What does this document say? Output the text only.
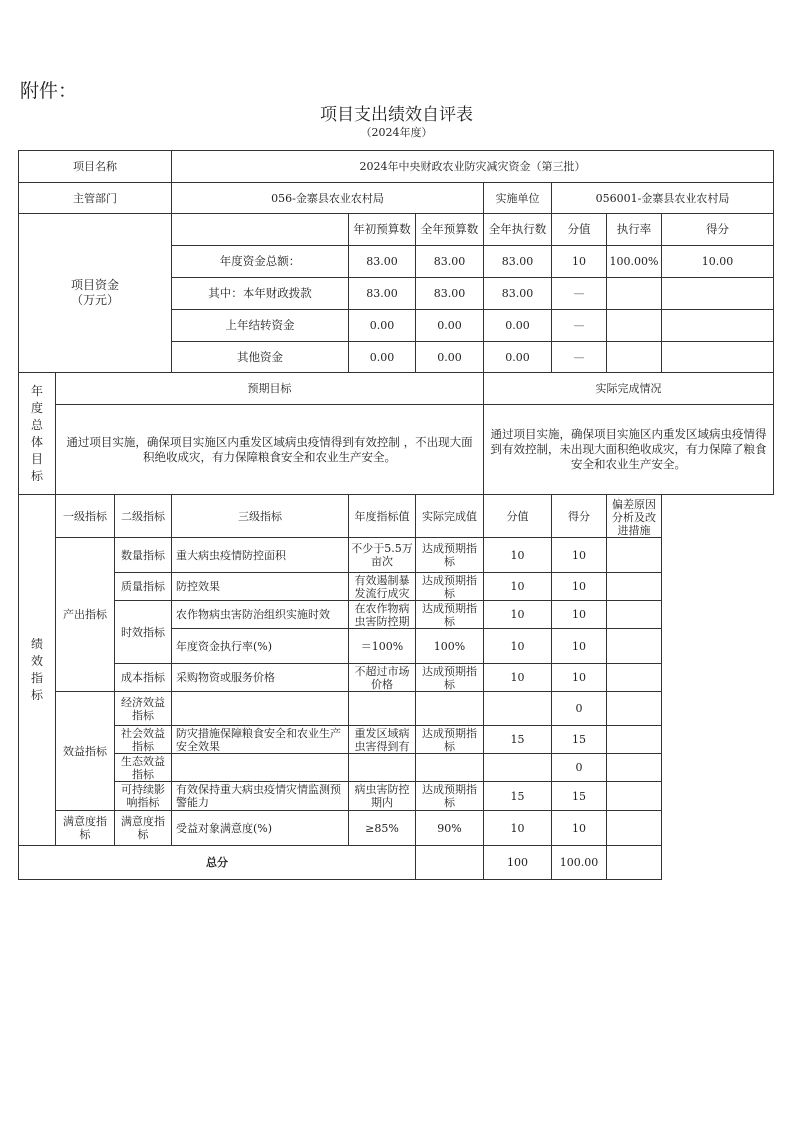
附件：
项目支出绩效自评表
（2024年度）
项目名称			2024年中央财政农业防灾减灾资金（第三批）						
主管部门			056-金寨县农业农村局			实施单位	056001-金寨县农业农村局		
项目资金
（万元）				年初预算数	全年预算数	全年执行数	分值	执行率	得分
			年度资金总额：	83.00	83.00	83.00	10	100.00%	10.00
			其中：本年财政拨款	83.00	83.00	83.00	—		
			上年结转资金	0.00	0.00	0.00	—		
			其他资金	0.00	0.00	0.00	—		

年度总体目标	预期目标					实际完成情况			
	通过项目实施，确保项目实施区内重发区域病虫疫情得到有效控制 ，不出现大面积绝收成灾，有力保障粮食安全和农业生产安全。					通过项目实施，确保项目实施区内重发区域病虫疫情得到有效控制，未出现大面积绝收成灾，有力保障了粮食安全和农业生产安全。			

绩效指标	一级指标	二级指标	三级指标	年度指标值	实际完成值	分值	得分	偏差原因分析及改进措施	
	产出指标	数量指标	重大病虫疫情防控面积	不少于5.5万亩次	达成预期指标	10	10		
		质量指标	防控效果	有效遏制暴发流行成灾	达成预期指标	10	10		
		时效指标	农作物病虫害防治组织实施时效	在农作物病虫害防控期	达成预期指标	10	10		
			年度资金执行率(%)	＝100%	100%	10	10		
		成本指标	采购物资或服务价格	不超过市场价格	达成预期指标	10	10		
	效益指标	经济效益指标					0		
		社会效益指标	防灾措施保障粮食安全和农业生产安全效果	重发区域病虫害得到有	达成预期指标	15	15		
		生态效益指标					0		
		可持续影响指标	有效保持重大病虫疫情灾情监测预警能力	病虫害防控期内	达成预期指标	15	15		
	满意度指标	满意度指标	受益对象满意度(%)	≥85%	90%	10	10		
总分						100	100.00		
